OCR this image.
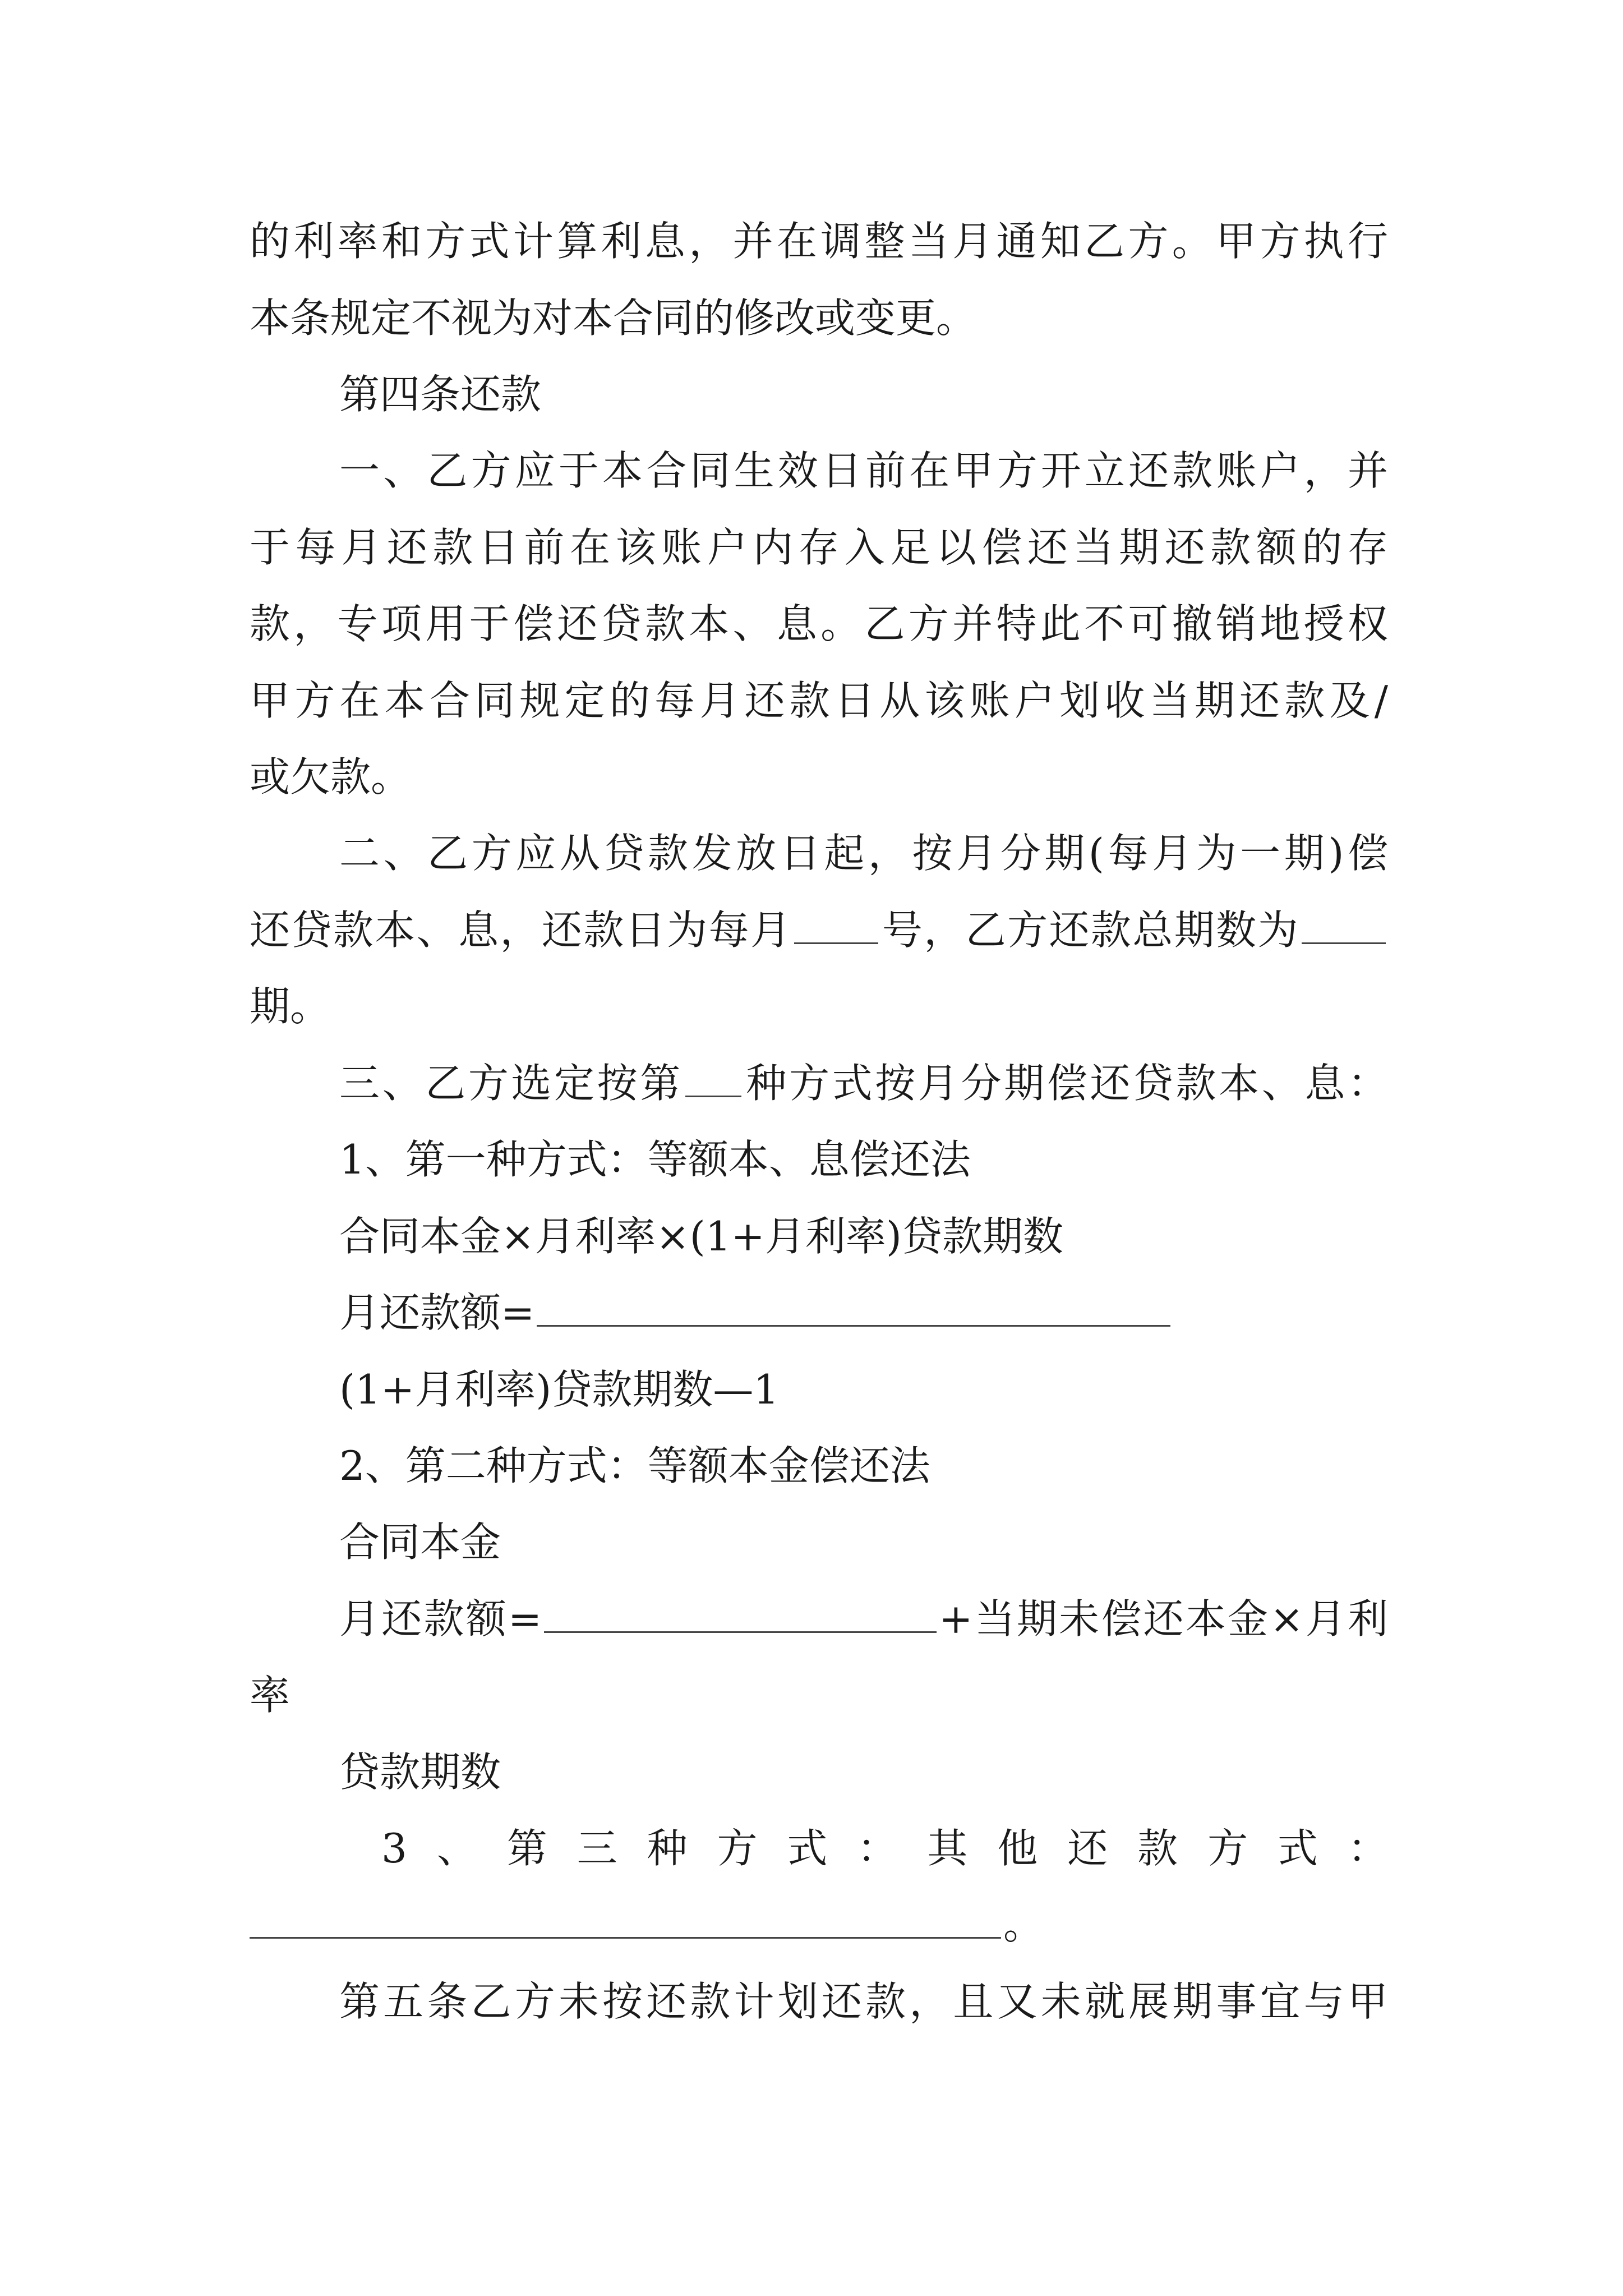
的利率和方式计算利息，并在调整当月通知乙方。甲方执行
本条规定不视为对本合同的修改或变更。
第四条还款
一、乙方应于本合同生效日前在甲方开立还款账户，并
于每月还款日前在该账户内存入足以偿还当期还款额的存
款，专项用于偿还贷款本、息。乙方并特此不可撤销地授权
甲方在本合同规定的每月还款日从该账户划收当期还款及/
或欠款。
二、乙方应从贷款发放日起，按月分期(每月为一期)偿
还贷款本、息，还款日为每月 号，乙方还款总期数为
期。
三、乙方选定按第 种方式按月分期偿还贷款本、息：
1、第一种方式：等额本、息偿还法
合同本金×月利率×(1+月利率)贷款期数
月还款额=
(1+月利率)贷款期数—1
2、第二种方式：等额本金偿还法
合同本金
月还款额=	+当期未偿还本金×月利
率
贷款期数
3、第三种方式：其他还款方式：
。
第五条乙方未按还款计划还款，且又未就展期事宜与甲
